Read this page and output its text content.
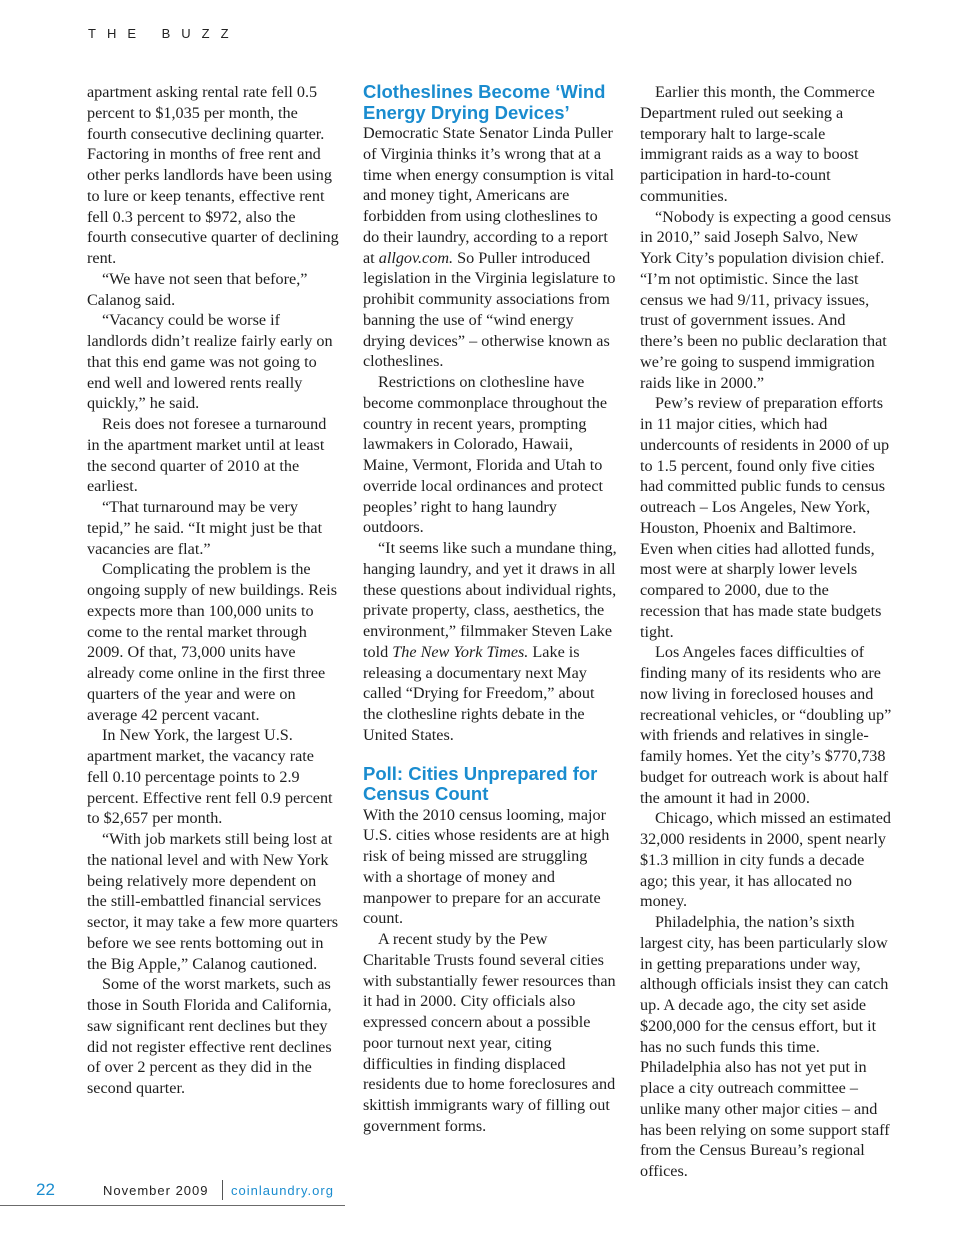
THE BUZZ

apartment asking rental rate fell 0.5 percent to $1,035 per month, the fourth consecutive declining quarter. Factoring in months of free rent and other perks landlords have been using to lure or keep tenants, effective rent fell 0.3 percent to $972, also the fourth consecutive quarter of declining rent.

“We have not seen that before,” Calanog said.

“Vacancy could be worse if landlords didn’t realize fairly early on that this end game was not going to end well and lowered rents really quickly,” he said.

Reis does not foresee a turnaround in the apartment market until at least the second quarter of 2010 at the earliest.

“That turnaround may be very tepid,” he said. “It might just be that vacancies are flat.”

Complicating the problem is the ongoing supply of new buildings. Reis expects more than 100,000 units to come to the rental market through 2009. Of that, 73,000 units have already come online in the first three quarters of the year and were on average 42 percent vacant.

In New York, the largest U.S. apartment market, the vacancy rate fell 0.10 percentage points to 2.9 percent. Effective rent fell 0.9 percent to $2,657 per month.

“With job markets still being lost at the national level and with New York being relatively more dependent on the still-embattled financial services sector, it may take a few more quarters before we see rents bottoming out in the Big Apple,” Calanog cautioned.

Some of the worst markets, such as those in South Florida and California, saw significant rent declines but they did not register effective rent declines of over 2 percent as they did in the second quarter.

Clotheslines Become ‘Wind Energy Drying Devices’

Democratic State Senator Linda Puller of Virginia thinks it’s wrong that at a time when energy consumption is vital and money tight, Americans are forbidden from using clotheslines to do their laundry, according to a report at allgov.com. So Puller introduced legislation in the Virginia legislature to prohibit community associations from banning the use of “wind energy drying devices” – otherwise known as clotheslines.

Restrictions on clothesline have become commonplace throughout the country in recent years, prompting lawmakers in Colorado, Hawaii, Maine, Vermont, Florida and Utah to override local ordinances and protect peoples’ right to hang laundry outdoors.

“It seems like such a mundane thing, hanging laundry, and yet it draws in all these questions about individual rights, private property, class, aesthetics, the environment,” filmmaker Steven Lake told The New York Times. Lake is releasing a documentary next May called “Drying for Freedom,” about the clothesline rights debate in the United States.

Poll: Cities Unprepared for Census Count

With the 2010 census looming, major U.S. cities whose residents are at high risk of being missed are struggling with a shortage of money and manpower to prepare for an accurate count.

A recent study by the Pew Charitable Trusts found several cities with substantially fewer resources than it had in 2000. City officials also expressed concern about a possible poor turnout next year, citing difficulties in finding displaced residents due to home foreclosures and skittish immigrants wary of filling out government forms.

Earlier this month, the Commerce Department ruled out seeking a temporary halt to large-scale immigrant raids as a way to boost participation in hard-to-count communities.

“Nobody is expecting a good census in 2010,” said Joseph Salvo, New York City’s population division chief. “I’m not optimistic. Since the last census we had 9/11, privacy issues, trust of government issues. And there’s been no public declaration that we’re going to suspend immigration raids like in 2000.”

Pew’s review of preparation efforts in 11 major cities, which had undercounts of residents in 2000 of up to 1.5 percent, found only five cities had committed public funds to census outreach – Los Angeles, New York, Houston, Phoenix and Baltimore. Even when cities had allotted funds, most were at sharply lower levels compared to 2000, due to the recession that has made state budgets tight.

Los Angeles faces difficulties of finding many of its residents who are now living in foreclosed houses and recreational vehicles, or “doubling up” with friends and relatives in single-family homes. Yet the city’s $770,738 budget for outreach work is about half the amount it had in 2000.

Chicago, which missed an estimated 32,000 residents in 2000, spent nearly $1.3 million in city funds a decade ago; this year, it has allocated no money.

Philadelphia, the nation’s sixth largest city, has been particularly slow in getting preparations under way, although officials insist they can catch up. A decade ago, the city set aside $200,000 for the census effort, but it has no such funds this time. Philadelphia also has not yet put in place a city outreach committee – unlike many other major cities – and has been relying on some support staff from the Census Bureau’s regional offices.

22	November 2009 coinlaundry.org
